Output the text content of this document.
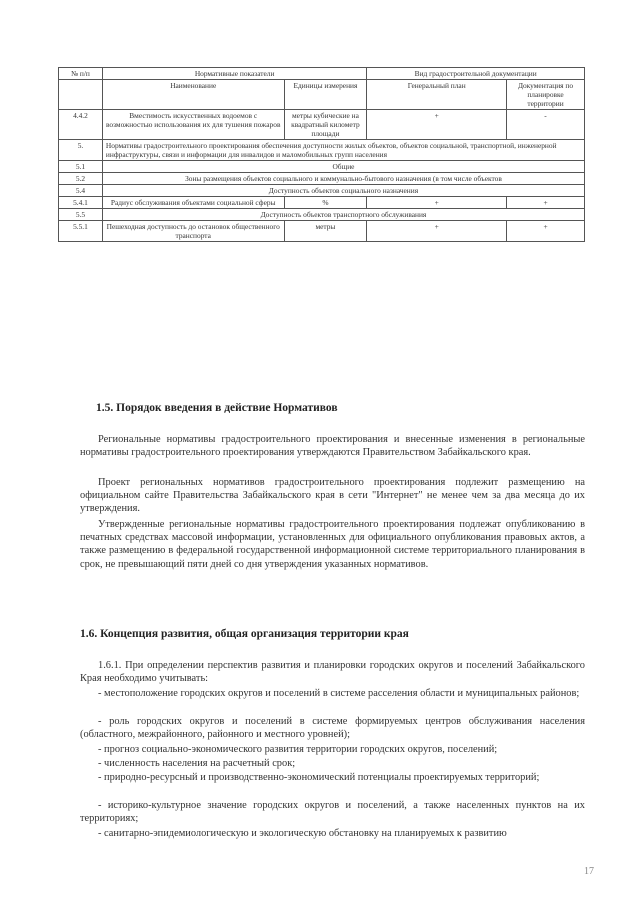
№ п/п	Нормативные показатели		Вид градостроительной документации	
	Наименование	Единицы измерения	Генеральный план	Документация по планировке территории
4.4.2	Вместимость искусственных водоемов с возможностью использования их для тушения пожаров	метры кубические на квадратный километр площади	+	-
5.	Нормативы градостроительного проектирования обеспечения доступности жилых объектов, объектов социальной, транспортной, инженерной инфраструктуры, связи и информации для инвалидов и маломобильных групп населения			
5.1	Общие			
5.2	Зоны размещения объектов социального и коммунально-бытового назначения (в том числе объектов			
5.4	Доступность объектов социального назначения			
5.4.1	Радиус обслуживания объектами социальной сферы	%	+	+
5.5	Доступность объектов транспортного обслуживания			
5.5.1	Пешеходная доступность до остановок общественного транспорта	метры	+	+
1.5. Порядок введения в действие Нормативов

Региональные нормативы градостроительного проектирования и внесенные изменения в региональные нормативы градостроительного проектирования утверждаются Правительством Забайкальского края.

Проект региональных нормативов градостроительного проектирования подлежит размещению на официальном сайте Правительства Забайкальского края в сети "Интернет" не менее чем за два месяца до их утверждения.

Утвержденные региональные нормативы градостроительного проектирования подлежат опубликованию в печатных средствах массовой информации, установленных для официального опубликования правовых актов, а также размещению в федеральной государственной информационной системе территориального планирования в срок, не превышающий пяти дней со дня утверждения указанных нормативов.

1.6. Концепция развития, общая организация территории края

1.6.1. При определении перспектив развития и планировки городских округов и поселений Забайкальского Края необходимо учитывать:

- местоположение городских округов и поселений в системе расселения области и муниципальных районов;

- роль городских округов и поселений в системе формируемых центров обслуживания населения (областного, межрайонного, районного и местного уровней);

- прогноз социально-экономического развития территории городских округов, поселений;

- численность населения на расчетный срок;

- природно-ресурсный и производственно-экономический потенциалы проектируемых территорий;

- историко-культурное значение городских округов и поселений, а также населенных пунктов на их территориях;

- санитарно-эпидемиологическую и экологическую обстановку на планируемых к развитию

17
